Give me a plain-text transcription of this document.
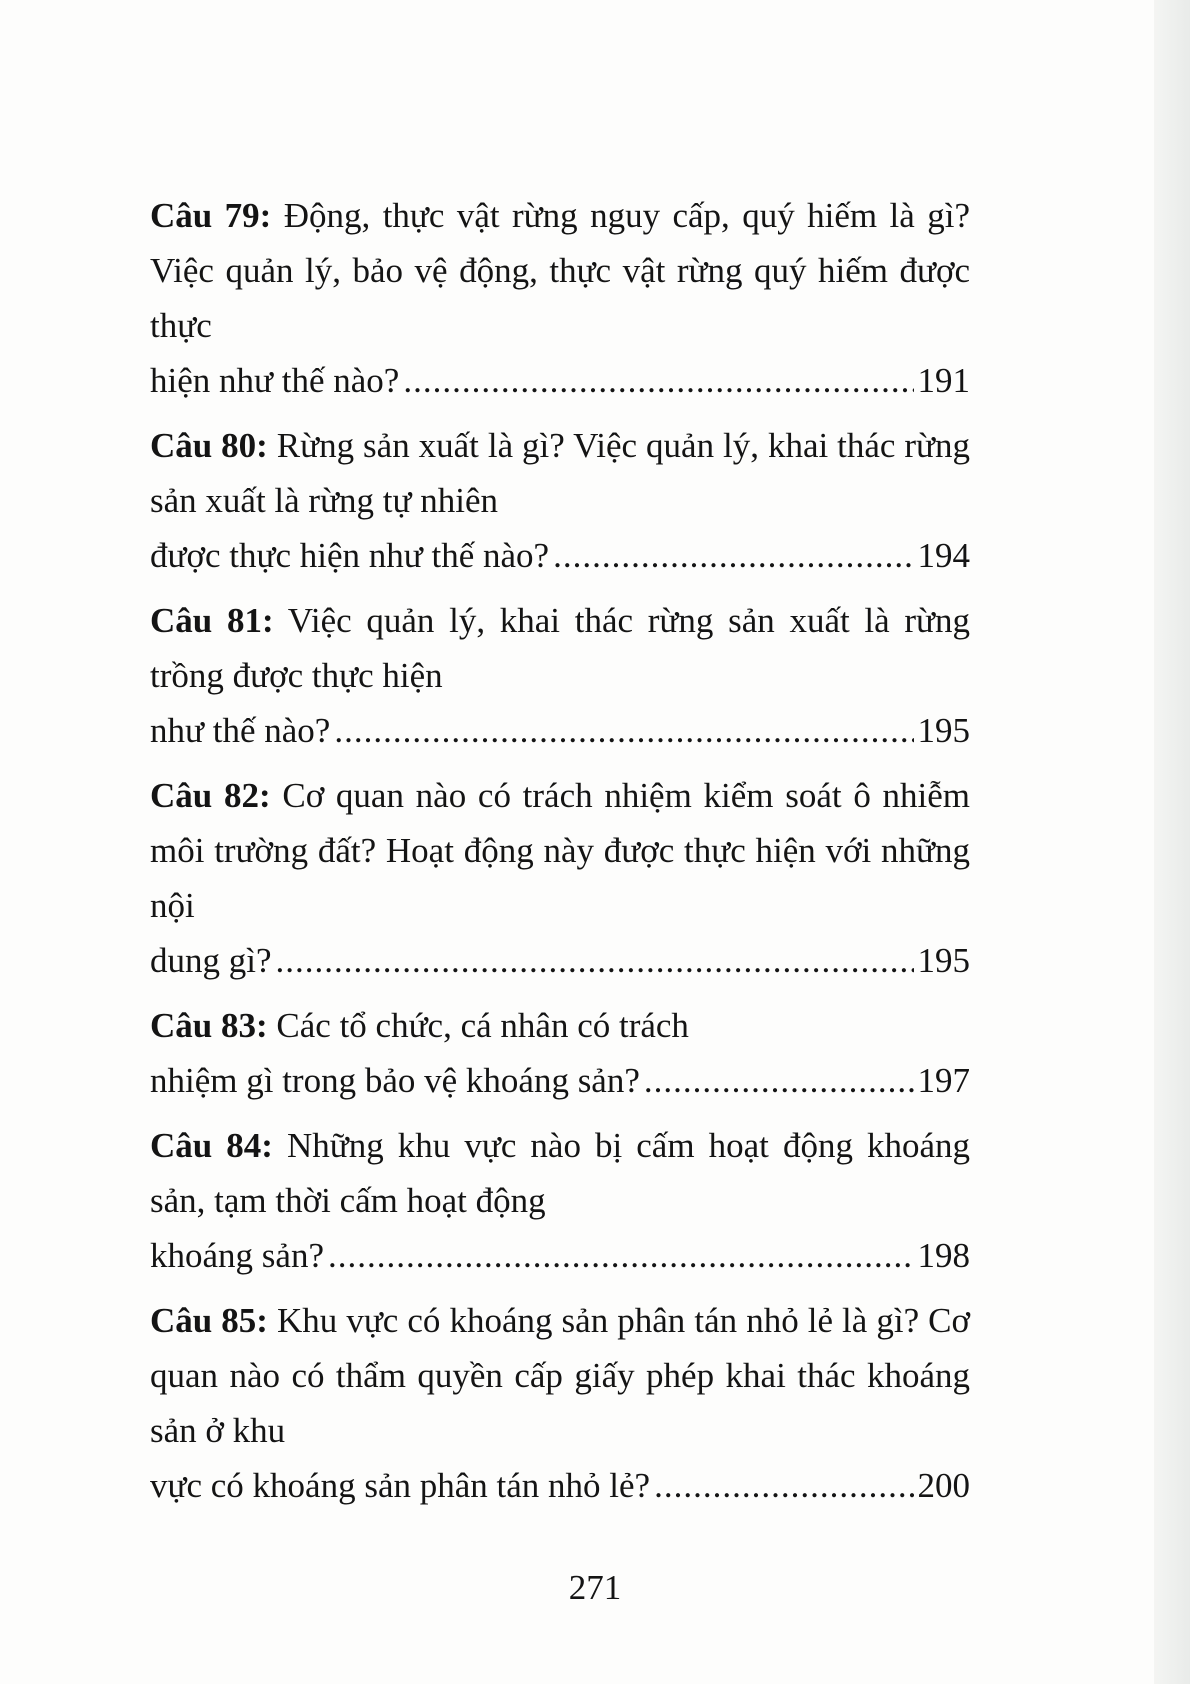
Câu 79: Động, thực vật rừng nguy cấp, quý hiếm là gì? Việc quản lý, bảo vệ động, thực vật rừng quý hiếm được thực
hiện như thế nào? .....	191
Câu 80: Rừng sản xuất là gì? Việc quản lý, khai thác rừng sản xuất là rừng tự nhiên
được thực hiện như thế nào? .....	194
Câu 81: Việc quản lý, khai thác rừng sản xuất là rừng trồng được thực hiện
như thế nào? .....	195
Câu 82: Cơ quan nào có trách nhiệm kiểm soát ô nhiễm môi trường đất? Hoạt động này được thực hiện với những nội
dung gì? .....	195
Câu 83: Các tổ chức, cá nhân có trách
nhiệm gì trong bảo vệ khoáng sản? .....	197
Câu 84: Những khu vực nào bị cấm hoạt động khoáng sản, tạm thời cấm hoạt động
khoáng sản? .....	198
Câu 85: Khu vực có khoáng sản phân tán nhỏ lẻ là gì? Cơ quan nào có thẩm quyền cấp giấy phép khai thác khoáng sản ở khu
vực có khoáng sản phân tán nhỏ lẻ? .....	200
271
